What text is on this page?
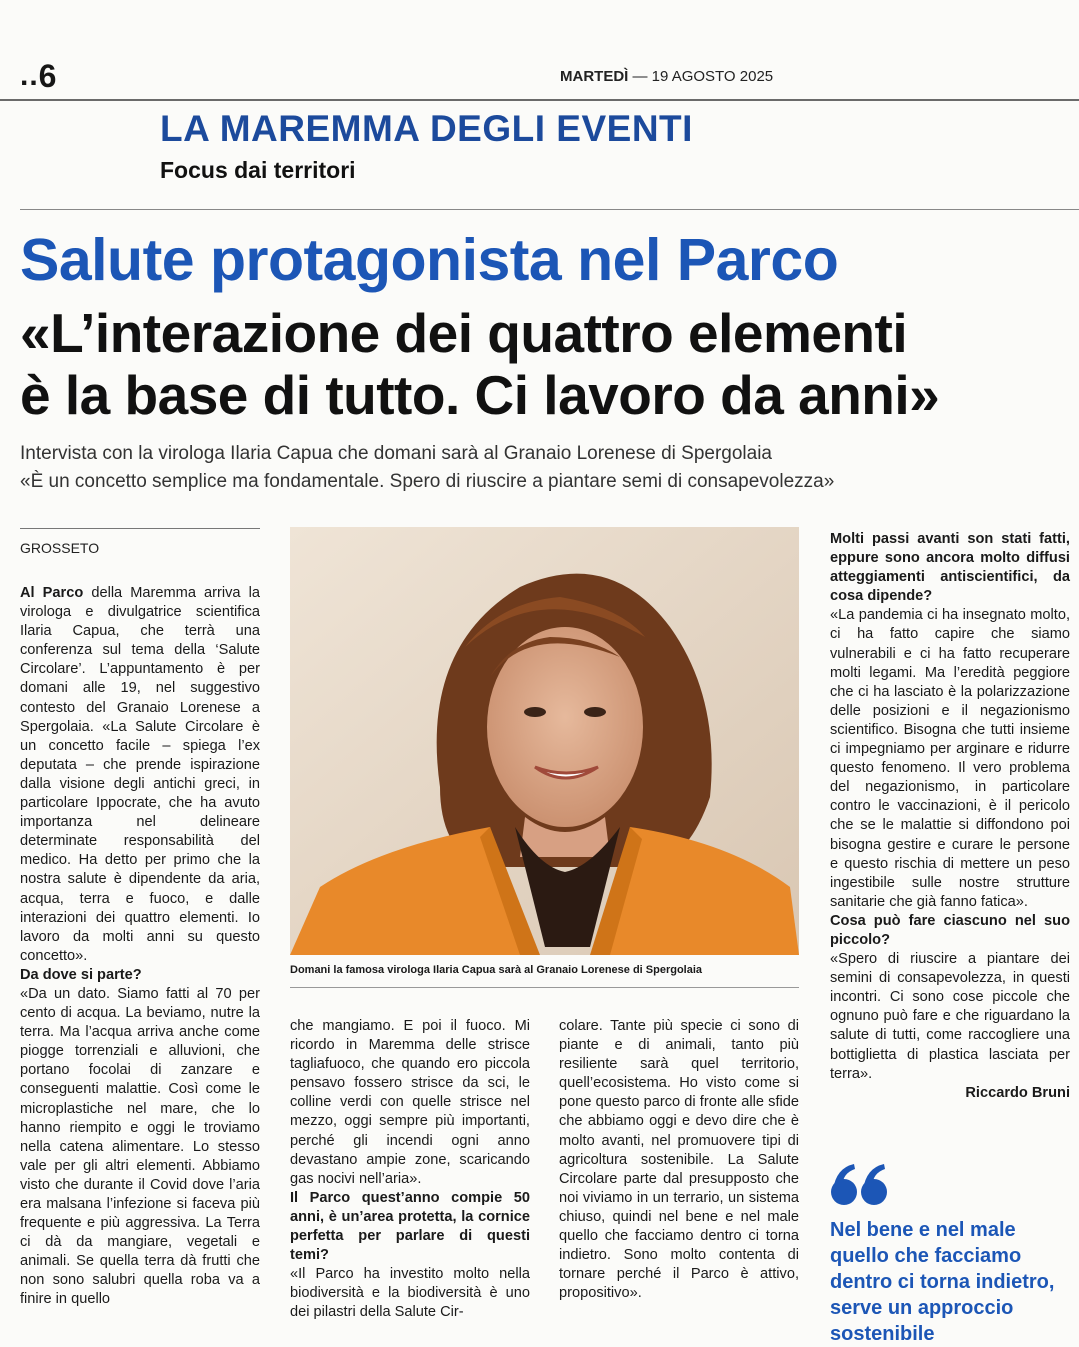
..6	MARTEDÌ — 19 AGOSTO 2025
LA MAREMMA DEGLI EVENTI
Focus dai territori
Salute protagonista nel Parco
«L’interazione dei quattro elementi
è la base di tutto. Ci lavoro da anni»
Intervista con la virologa Ilaria Capua che domani sarà al Granaio Lorenese di Spergolaia
«È un concetto semplice ma fondamentale. Spero di riuscire a piantare semi di consapevolezza»
GROSSETO

Al Parco della Maremma arriva la virologa e divulgatrice scientifica Ilaria Capua, che terrà una conferenza sul tema della ‘Salute Circolare’. L’appuntamento è per domani alle 19, nel suggestivo contesto del Granaio Lorenese a Spergolaia. «La Salute Circolare è un concetto facile – spiega l’ex deputata – che prende ispirazione dalla visione degli antichi greci, in particolare Ippocrate, che ha avuto importanza nel delineare determinate responsabilità del medico. Ha detto per primo che la nostra salute è dipendente da aria, acqua, terra e fuoco, e dalle interazioni dei quattro elementi. Io lavoro da molti anni su questo concetto».

Da dove si parte?

«Da un dato. Siamo fatti al 70 per cento di acqua. La beviamo, nutre la terra. Ma l’acqua arriva anche come piogge torrenziali e alluvioni, che portano focolai di zanzare e conseguenti malattie. Così come le microplastiche nel mare, che lo hanno riempito e oggi le troviamo nella catena alimentare. Lo stesso vale per gli altri elementi. Abbiamo visto che durante il Covid dove l’aria era malsana l’infezione si faceva più frequente e più aggressiva. La Terra ci dà da mangiare, vegetali e animali. Se quella terra dà frutti che non sono salubri quella roba va a finire in quello

Domani la famosa virologa Ilaria Capua sarà al Granaio Lorenese di Spergolaia

che mangiamo. E poi il fuoco. Mi ricordo in Maremma delle strisce tagliafuoco, che quando ero piccola pensavo fossero strisce da sci, le colline verdi con quelle strisce nel mezzo, oggi sempre più importanti, perché gli incendi ogni anno devastano ampie zone, scaricando gas nocivi nell’aria».

Il Parco quest’anno compie 50 anni, è un’area protetta, la cornice perfetta per parlare di questi temi?

«Il Parco ha investito molto nella biodiversità e la biodiversità è uno dei pilastri della Salute Cir-

colare. Tante più specie ci sono di piante e di animali, tanto più resiliente sarà quel territorio, quell’ecosistema. Ho visto come si pone questo parco di fronte alle sfide che abbiamo oggi e devo dire che è molto avanti, nel promuovere tipi di agricoltura sostenibile. La Salute Circolare parte dal presupposto che noi viviamo in un terrario, un sistema chiuso, quindi nel bene e nel male quello che facciamo dentro ci torna indietro. Sono molto contenta di tornare perché il Parco è attivo, propositivo».

Molti passi avanti son stati fatti, eppure sono ancora molto diffusi atteggiamenti antiscientifici, da cosa dipende?

«La pandemia ci ha insegnato molto, ci ha fatto capire che siamo vulnerabili e ci ha fatto recuperare molti legami. Ma l’eredità peggiore che ci ha lasciato è la polarizzazione delle posizioni e il negazionismo scientifico. Bisogna che tutti insieme ci impegniamo per arginare e ridurre questo fenomeno. Il vero problema del negazionismo, in particolare contro le vaccinazioni, è il pericolo che se le malattie si diffondono poi bisogna gestire e curare le persone e questo rischia di mettere un peso ingestibile sulle nostre strutture sanitarie che già fanno fatica».

Cosa può fare ciascuno nel suo piccolo?

«Spero di riuscire a piantare dei semini di consapevolezza, in questi incontri. Ci sono cose piccole che ognuno può fare e che riguardano la salute di tutti, come raccogliere una bottiglietta di plastica lasciata per terra».

Riccardo Bruni

Nel bene e nel male quello che facciamo dentro ci torna indietro, serve un approccio sostenibile
